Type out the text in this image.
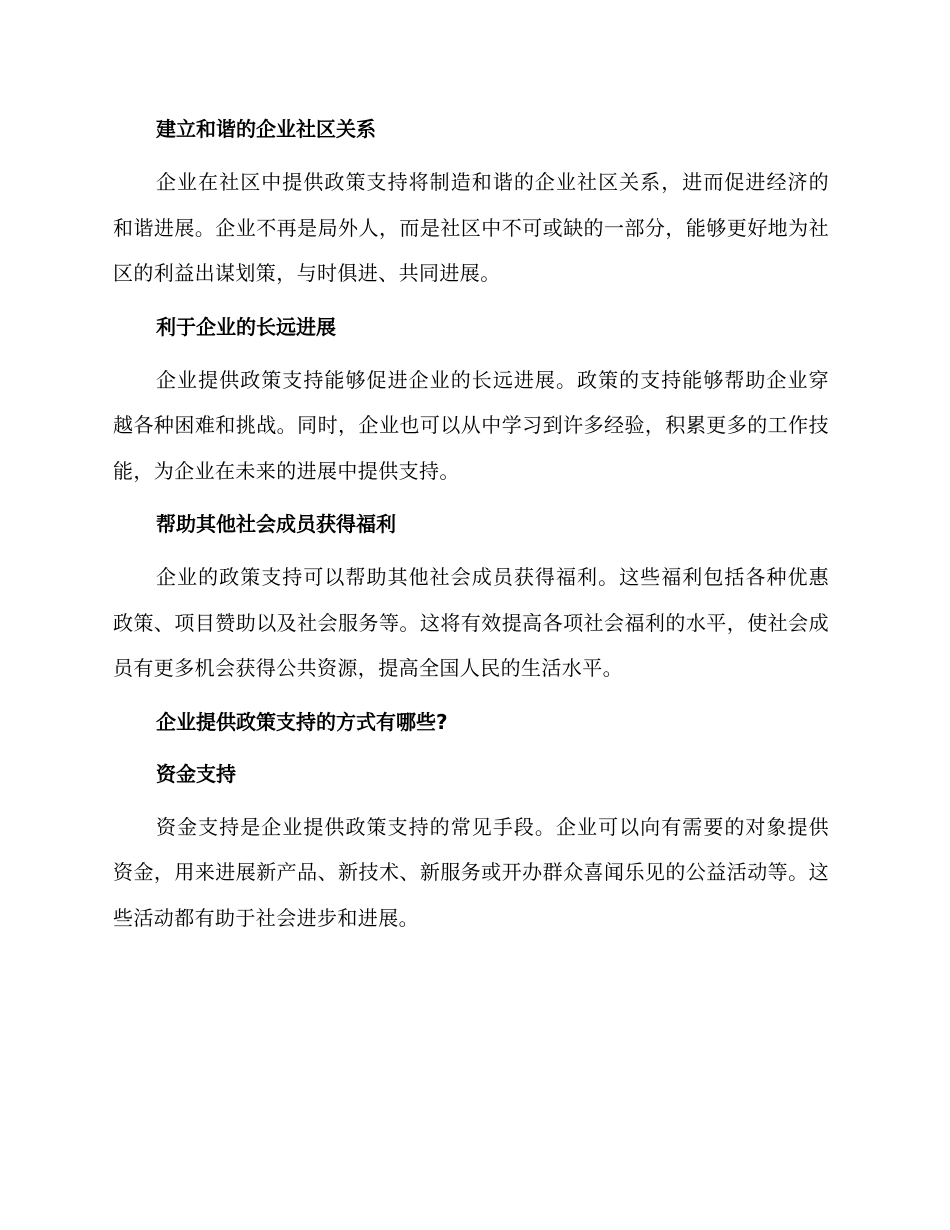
建立和谐的企业社区关系

企业在社区中提供政策支持将制造和谐的企业社区关系，进而促进经济的和谐进展。企业不再是局外人，而是社区中不可或缺的一部分，能够更好地为社区的利益出谋划策，与时俱进、共同进展。

利于企业的长远进展

企业提供政策支持能够促进企业的长远进展。政策的支持能够帮助企业穿越各种困难和挑战。同时，企业也可以从中学习到许多经验，积累更多的工作技能，为企业在未来的进展中提供支持。

帮助其他社会成员获得福利

企业的政策支持可以帮助其他社会成员获得福利。这些福利包括各种优惠政策、项目赞助以及社会服务等。这将有效提高各项社会福利的水平，使社会成员有更多机会获得公共资源，提高全国人民的生活水平。

企业提供政策支持的方式有哪些?
资金支持

资金支持是企业提供政策支持的常见手段。企业可以向有需要的对象提供资金，用来进展新产品、新技术、新服务或开办群众喜闻乐见的公益活动等。这些活动都有助于社会进步和进展。
